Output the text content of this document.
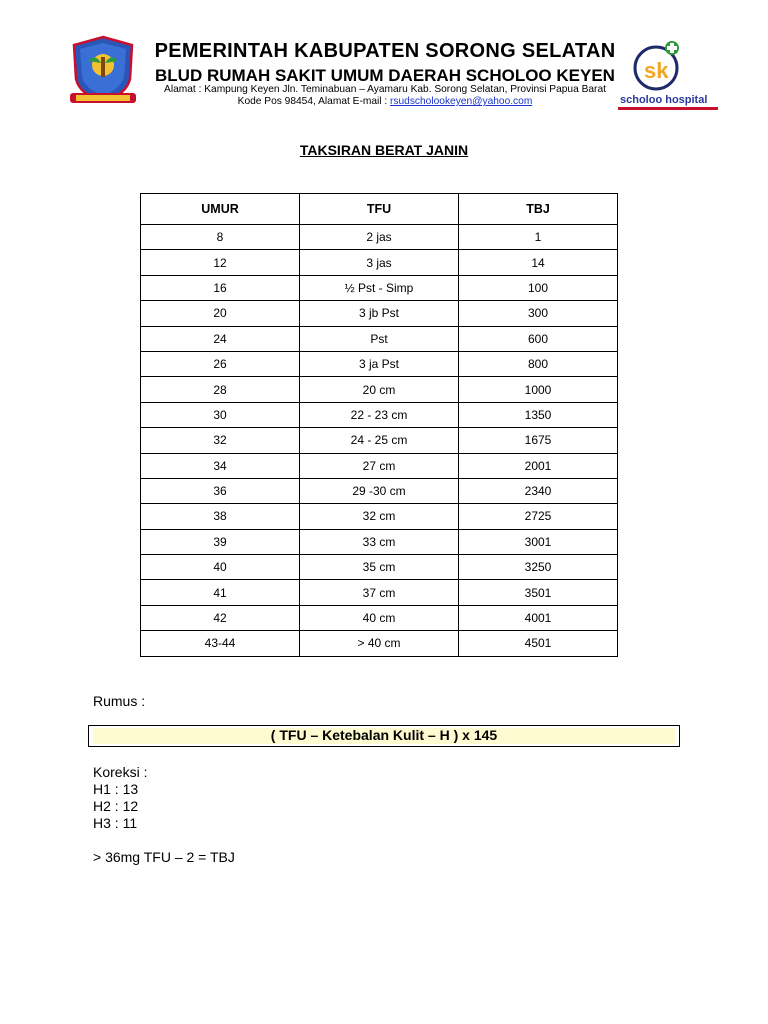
sk
scholoo hospital
PEMERINTAH KABUPATEN SORONG SELATAN
BLUD RUMAH SAKIT UMUM DAERAH SCHOLOO KEYEN
Alamat : Kampung Keyen Jln. Teminabuan – Ayamaru Kab. Sorong Selatan, Provinsi Papua Barat
Kode Pos 98454, Alamat E-mail : rsudscholookeyen@yahoo.com
TAKSIRAN BERAT JANIN
UMUR	TFU	TBJ
8	2 jas	1
12	3 jas	14
16	½ Pst - Simp	100
20	3 jb Pst	300
24	Pst	600
26	3 ja Pst	800
28	20 cm	1000
30	22 - 23 cm	1350
32	24 - 25 cm	1675
34	27 cm	2001
36	29 -30 cm	2340
38	32 cm	2725
39	33 cm	3001
40	35 cm	3250
41	37 cm	3501
42	40 cm	4001
43-44	> 40 cm	4501
Rumus :
( TFU – Ketebalan Kulit – H ) x 145
Koreksi :
H1 : 13
H2 : 12
H3 : 11
> 36mg TFU – 2 = TBJ
